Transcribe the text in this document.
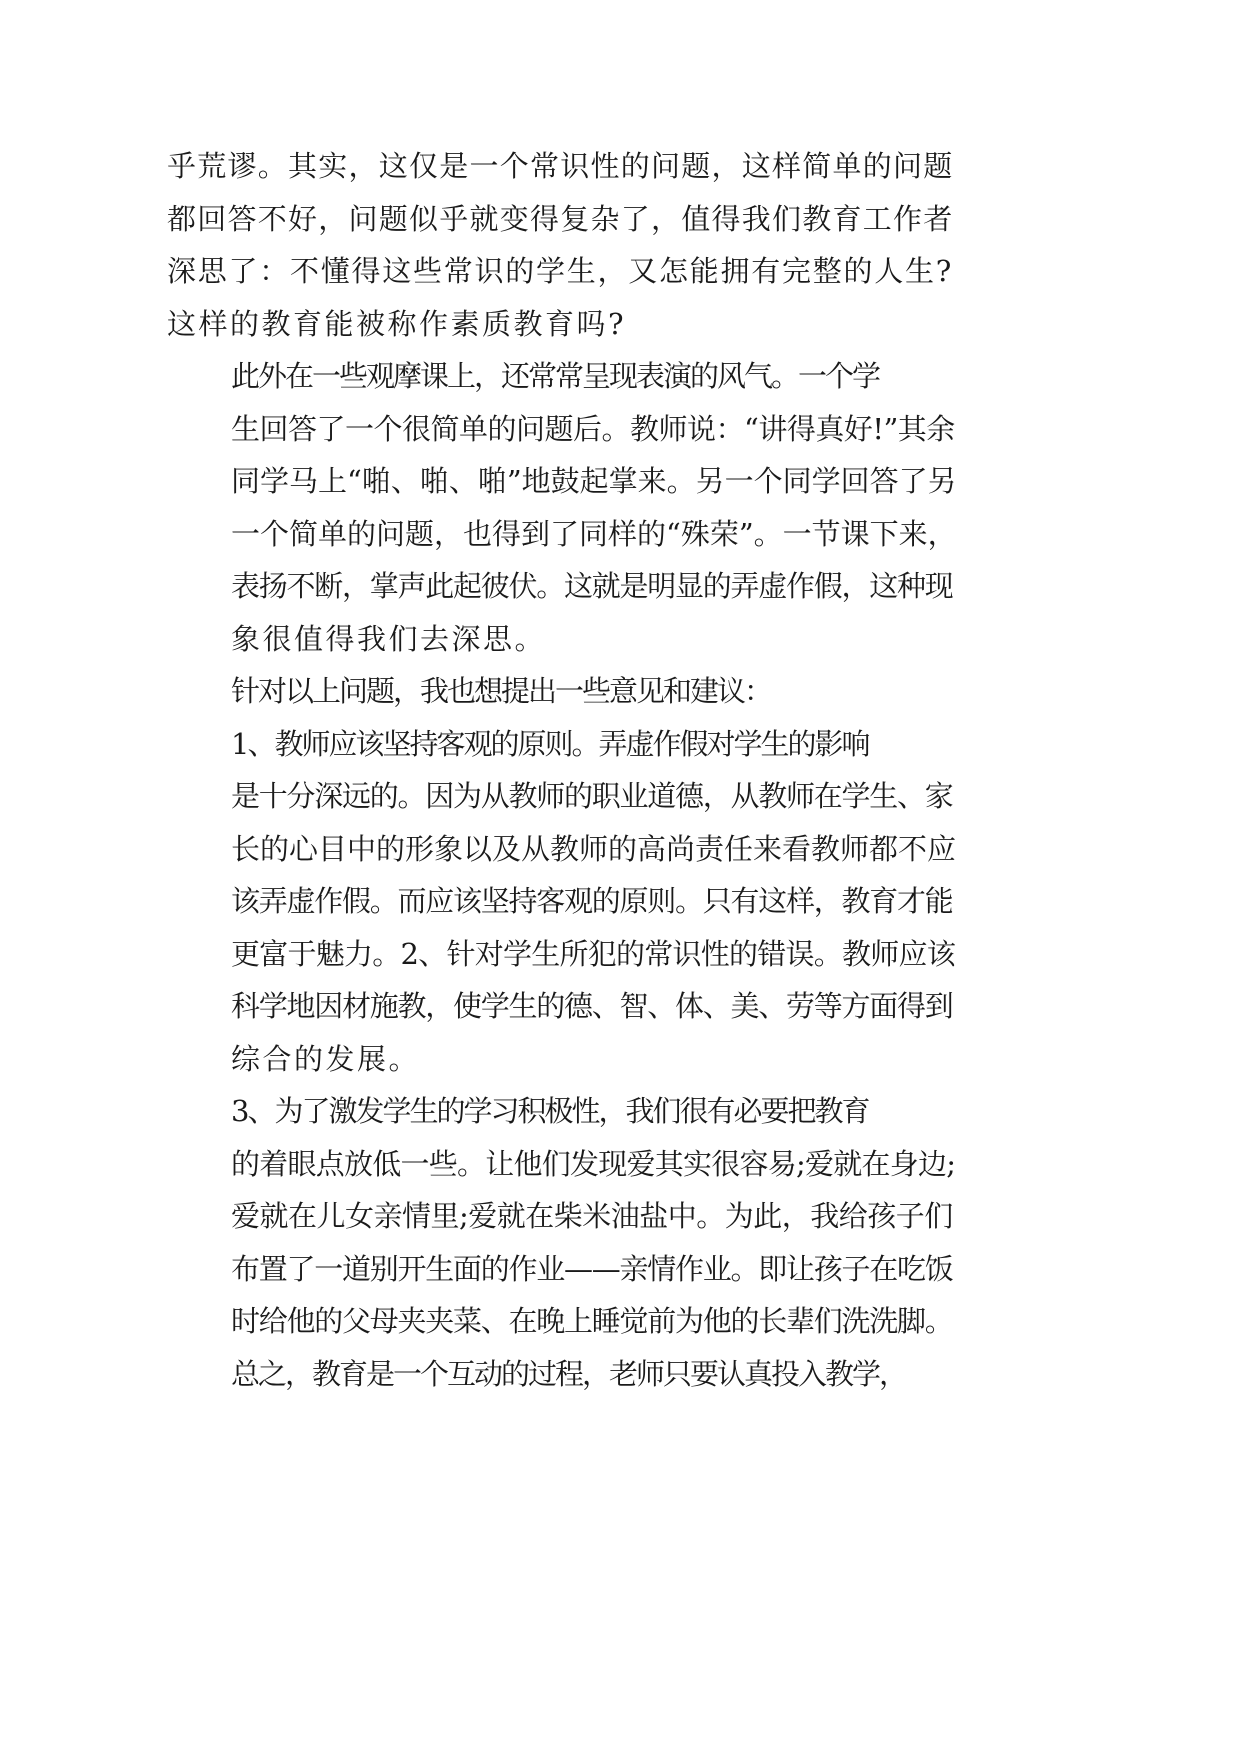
乎荒谬。其实，这仅是一个常识性的问题，这样简单的问题
都回答不好，问题似乎就变得复杂了，值得我们教育工作者
深思了：不懂得这些常识的学生，又怎能拥有完整的人生?
这样的教育能被称作素质教育吗?

此外在一些观摩课上，还常常呈现表演的风气。一个学
生回答了一个很简单的问题后。教师说：“讲得真好!”其余
同学马上“啪、啪、啪”地鼓起掌来。另一个同学回答了另
一个简单的问题，也得到了同样的“殊荣”。一节课下来，
表扬不断，掌声此起彼伏。这就是明显的弄虚作假，这种现
象很值得我们去深思。

针对以上问题，我也想提出一些意见和建议：

1、教师应该坚持客观的原则。弄虚作假对学生的影响
是十分深远的。因为从教师的职业道德，从教师在学生、家
长的心目中的形象以及从教师的高尚责任来看教师都不应
该弄虚作假。而应该坚持客观的原则。只有这样，教育才能
更富于魅力。2、针对学生所犯的常识性的错误。教师应该
科学地因材施教，使学生的德、智、体、美、劳等方面得到
综合的发展。

3、为了激发学生的学习积极性，我们很有必要把教育
的着眼点放低一些。让他们发现爱其实很容易;爱就在身边;
爱就在儿女亲情里;爱就在柴米油盐中。为此，我给孩子们
布置了一道别开生面的作业——亲情作业。即让孩子在吃饭
时给他的父母夹夹菜、在晚上睡觉前为他的长辈们洗洗脚。

总之，教育是一个互动的过程，老师只要认真投入教学，
